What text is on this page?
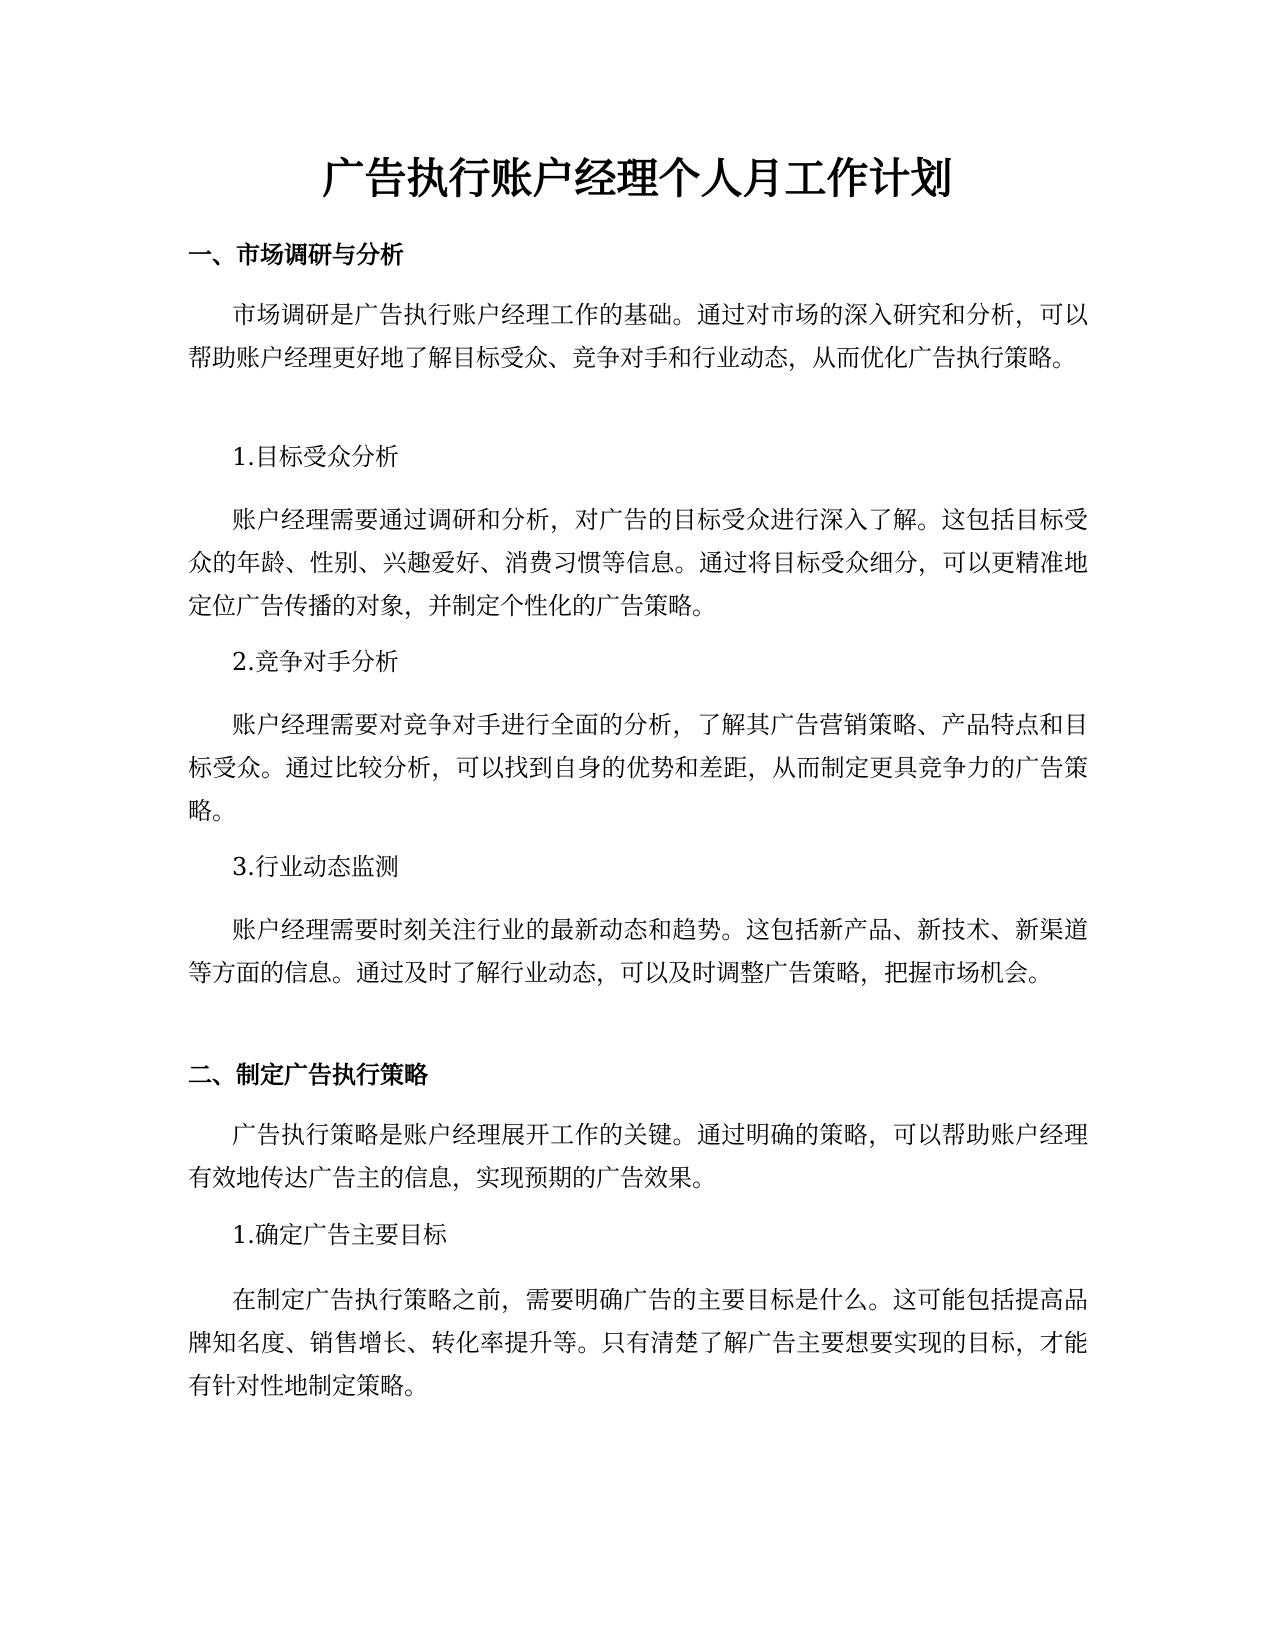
广告执行账户经理个人月工作计划
一、市场调研与分析

市场调研是广告执行账户经理工作的基础。通过对市场的深入研究和分析，可以帮助账户经理更好地了解目标受众、竞争对手和行业动态，从而优化广告执行策略。

1.目标受众分析

账户经理需要通过调研和分析，对广告的目标受众进行深入了解。这包括目标受众的年龄、性别、兴趣爱好、消费习惯等信息。通过将目标受众细分，可以更精准地定位广告传播的对象，并制定个性化的广告策略。

2.竞争对手分析

账户经理需要对竞争对手进行全面的分析，了解其广告营销策略、产品特点和目标受众。通过比较分析，可以找到自身的优势和差距，从而制定更具竞争力的广告策略。

3.行业动态监测

账户经理需要时刻关注行业的最新动态和趋势。这包括新产品、新技术、新渠道等方面的信息。通过及时了解行业动态，可以及时调整广告策略，把握市场机会。

二、制定广告执行策略

广告执行策略是账户经理展开工作的关键。通过明确的策略，可以帮助账户经理有效地传达广告主的信息，实现预期的广告效果。

1.确定广告主要目标

在制定广告执行策略之前，需要明确广告的主要目标是什么。这可能包括提高品牌知名度、销售增长、转化率提升等。只有清楚了解广告主要想要实现的目标，才能有针对性地制定策略。
